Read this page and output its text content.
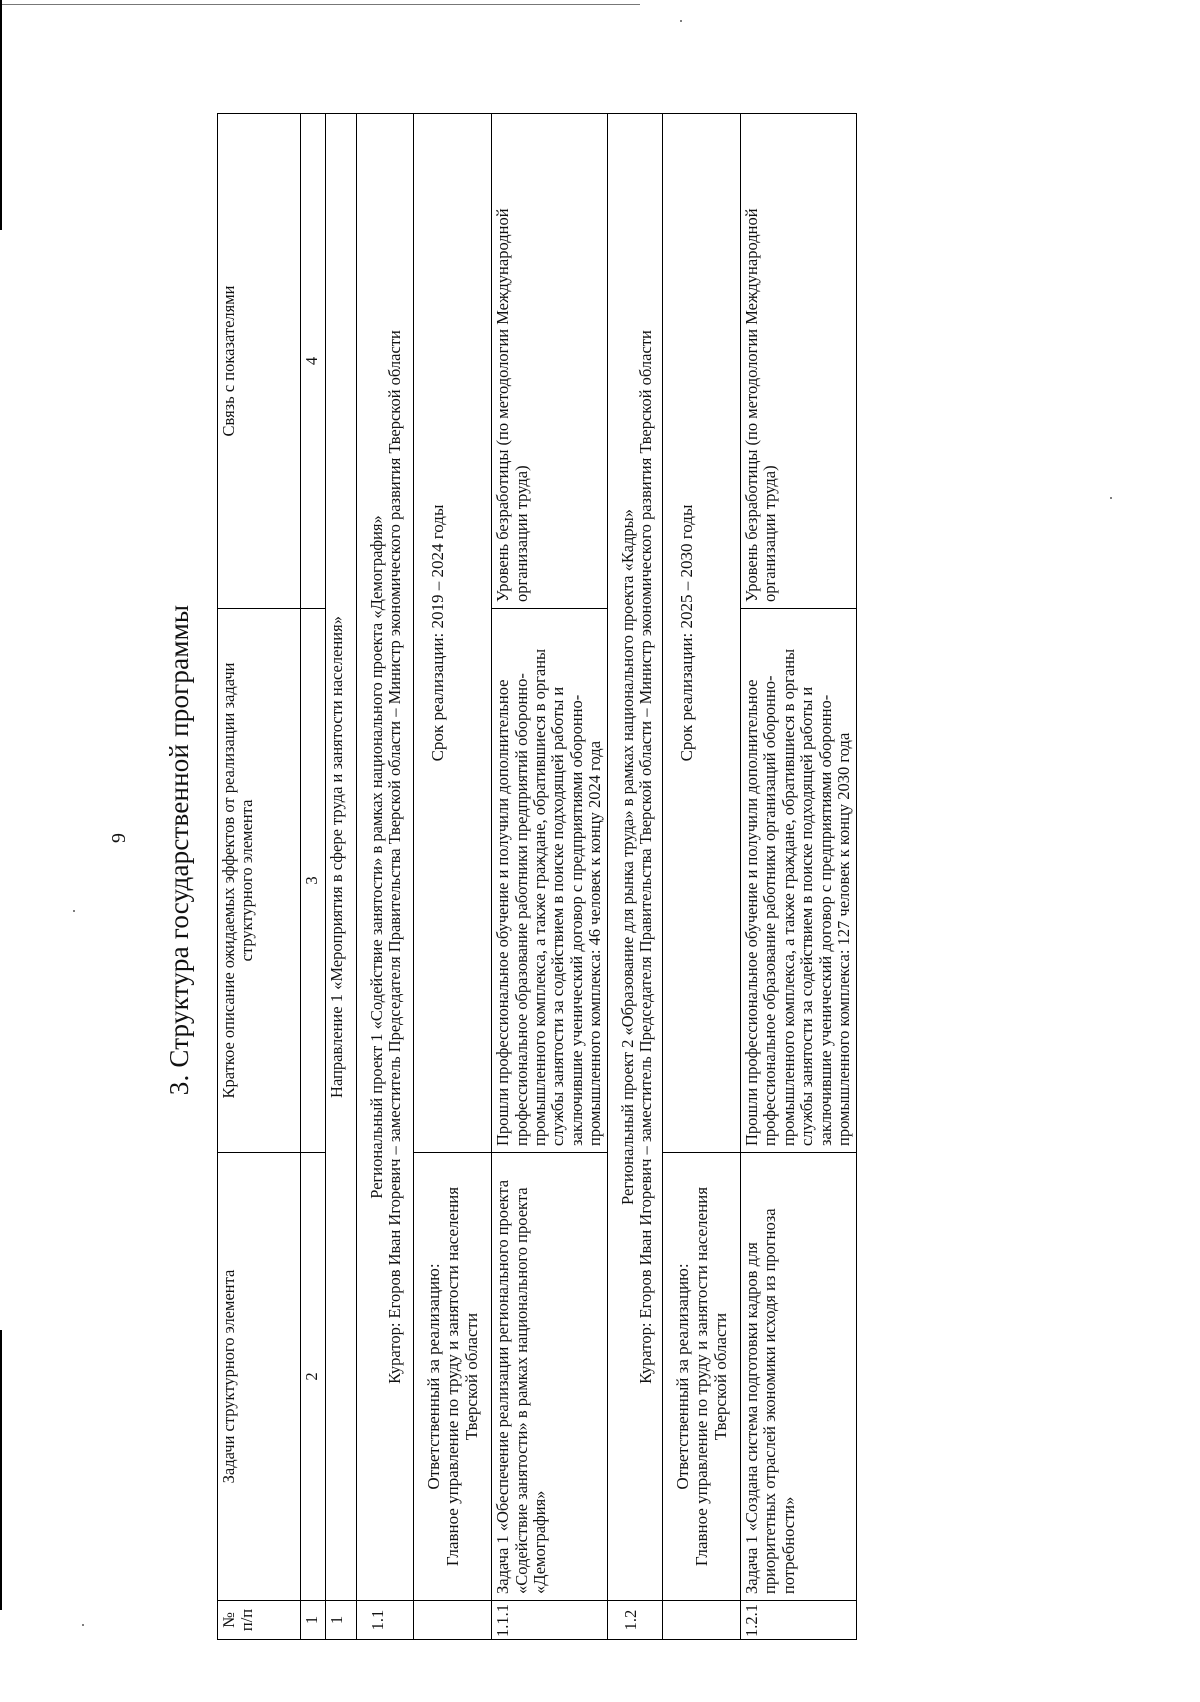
9 3. Структура государственной программы
№
п/п	Задачи структурного элемента	Краткое описание ожидаемых эффектов от реализации задачи структурного элемента	Связь с показателями
1	2	3	4
1	Направление 1 «Мероприятия в сфере труда и занятости населения»		
1.1	Региональный проект 1 «Содействие занятости» в рамках национального проекта «Демография» Куратор: Егоров Иван Игоревич – заместитель Председателя Правительства Тверской области – Министр экономического развития Тверской области		

	Ответственный за реализацию: Главное управление по труду и занятости населения Тверской области	Срок реализации: 2019 – 2024 годы	
1.1.1	Задача 1 «Обеспечение реализации регионального проекта «Содействие занятости» в рамках национального проекта «Демография»	Прошли профессиональное обучение и получили дополнительное профессиональное образование работники предприятий оборонно-промышленного комплекса, а также граждане, обратившиеся в органы службы занятости за содействием в поиске подходящей работы и заключившие ученический договор с предприятиями оборонно-промышленного комплекса: 46 человек к концу 2024 года	Уровень безработицы (по методологии Международной организации труда)
1.2	Региональный проект 2 «Образование для рынка труда» в рамках национального проекта «Кадры» Куратор: Егоров Иван Игоревич – заместитель Председателя Правительства Тверской области – Министр экономического развития Тверской области		

	Ответственный за реализацию: Главное управление по труду и занятости населения Тверской области	Срок реализации: 2025 – 2030 годы	
1.2.1	Задача 1 «Создана система подготовки кадров для приоритетных отраслей экономики исходя из прогноза потребности»	Прошли профессиональное обучение и получили дополнительное профессиональное образование работники организаций оборонно-промышленного комплекса, а также граждане, обратившиеся в органы службы занятости за содействием в поиске подходящей работы и заключившие ученический договор с предприятиями оборонно-промышленного комплекса: 127 человек к концу 2030 года	Уровень безработицы (по методологии Международной организации труда)
